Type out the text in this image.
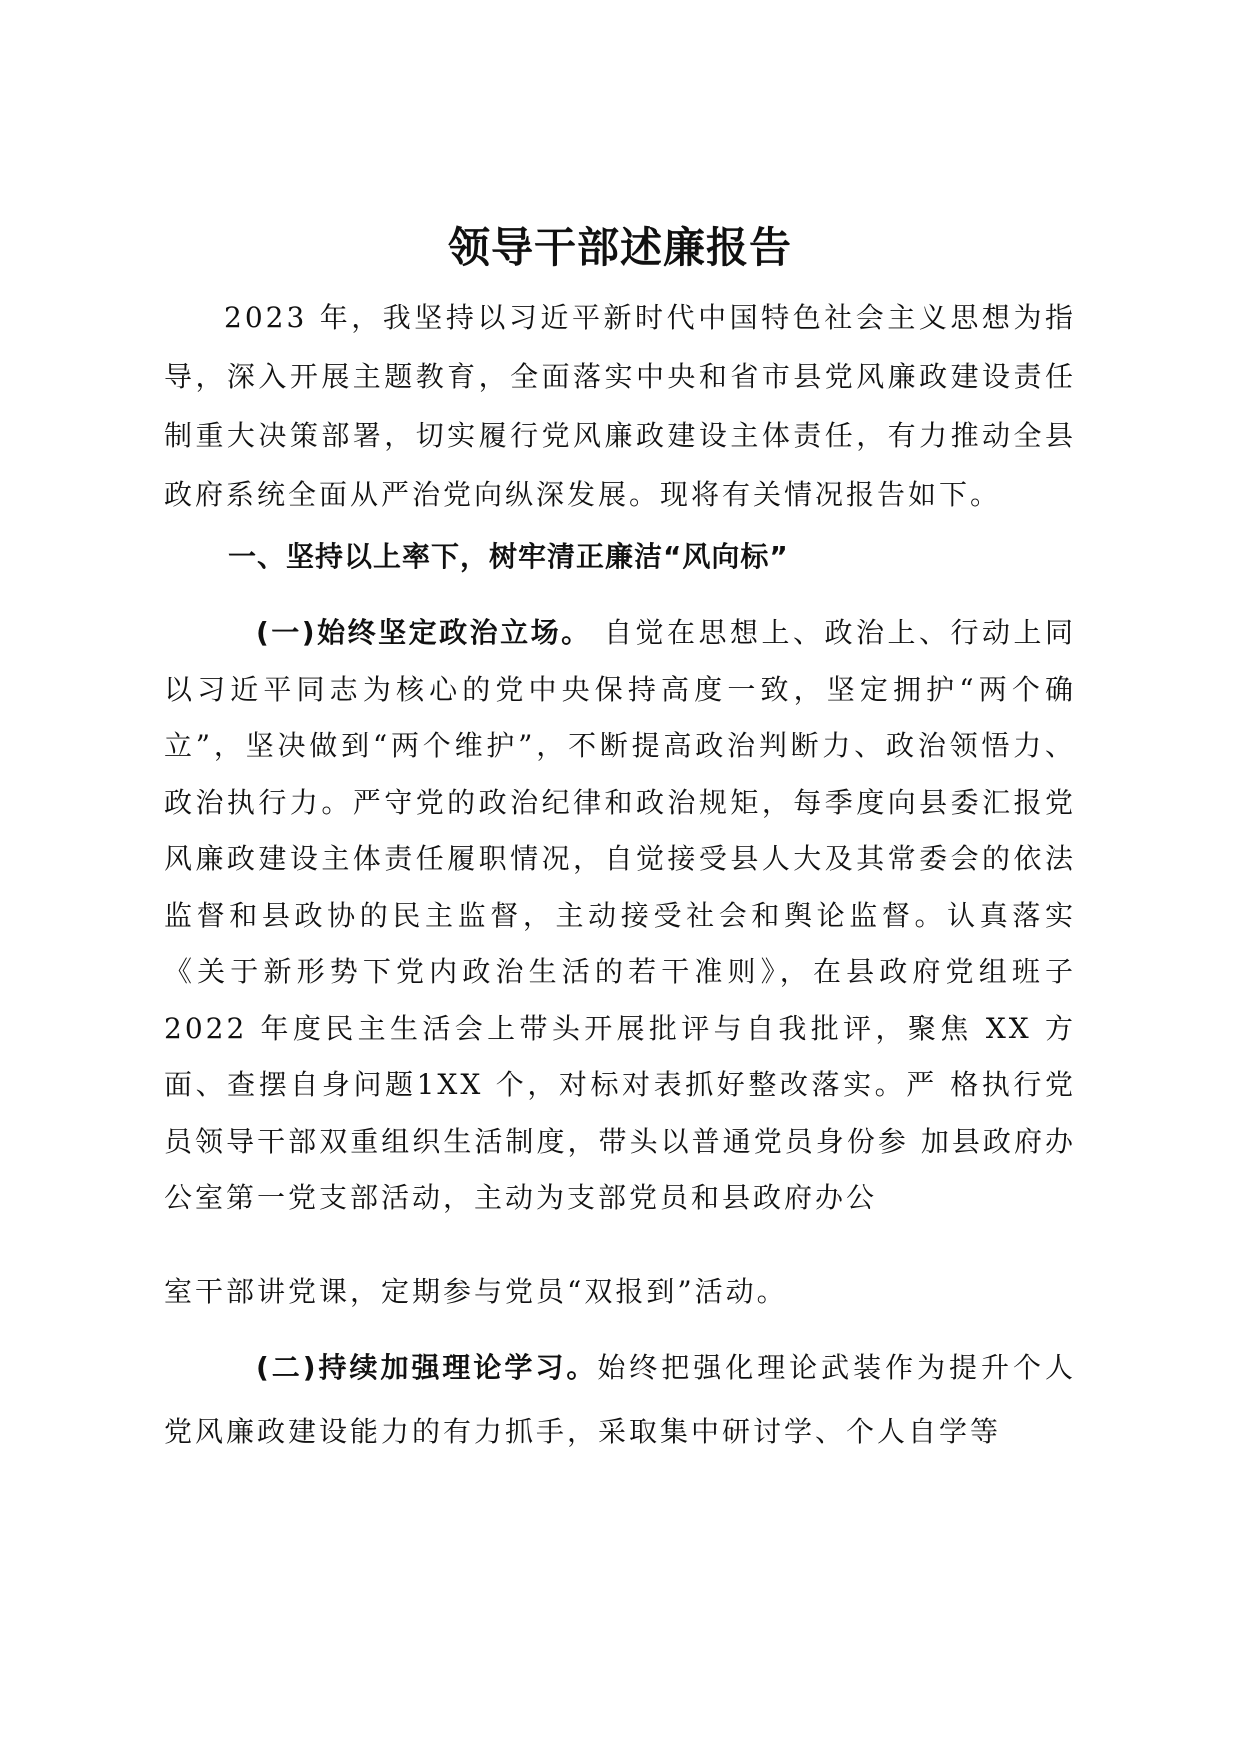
领导干部述廉报告

2023 年，我坚持以习近平新时代中国特色社会主义思想为指导，深入开展主题教育，全面落实中央和省市县党风廉政建设责任制重大决策部署，切实履行党风廉政建设主体责任，有力推动全县政府系统全面从严治党向纵深发展。现将有关情况报告如下。

一、坚持以上率下，树牢清正廉洁“风向标”

(一)始终坚定政治立场。 自觉在思想上、政治上、行动上同以习近平同志为核心的党中央保持高度一致，坚定拥护“两个确立”，坚决做到“两个维护”，不断提高政治判断力、政治领悟力、政治执行力。严守党的政治纪律和政治规矩，每季度向县委汇报党风廉政建设主体责任履职情况，自觉接受县人大及其常委会的依法监督和县政协的民主监督，主动接受社会和舆论监督。认真落实《关于新形势下党内政治生活的若干准则》，在县政府党组班子2022 年度民主生活会上带头开展批评与自我批评，聚焦 XX 方面、查摆自身问题1XX 个，对标对表抓好整改落实。严 格执行党员领导干部双重组织生活制度，带头以普通党员身份参 加县政府办公室第一党支部活动，主动为支部党员和县政府办公

室干部讲党课，定期参与党员“双报到”活动。

(二)持续加强理论学习。始终把强化理论武装作为提升个人党风廉政建设能力的有力抓手，采取集中研讨学、个人自学等
